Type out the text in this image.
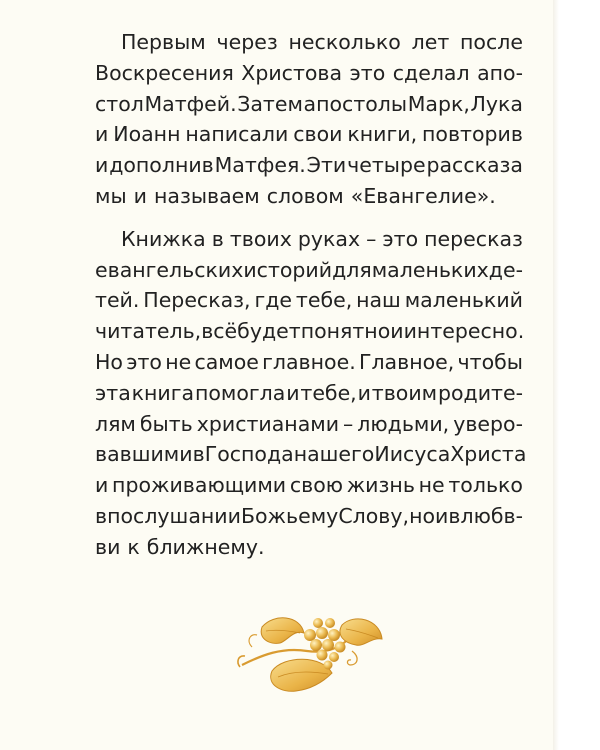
Первым через несколько лет после
Воскресения Христова это сделал апо-
стол Матфей. Затем апостолы Марк, Лука
и Иоанн написали свои книги, повторив
и дополнив Матфея. Эти четыре рассказа
мы и называем словом «Евангелие».
Книжка в твоих руках – это пересказ
евангельских историй для маленьких де-
тей. Пересказ, где тебе, наш маленький
читатель, всё будет понятно и интересно.
Но это не самое главное. Главное, чтобы
эта книга помогла и тебе, и твоим родите-
лям быть христианами – людьми, уверо-
вавшими в Господа нашего Иисуса Христа
и проживающими свою жизнь не только
в послушании Божьему Слову, но и в любв-
ви к ближнему.
